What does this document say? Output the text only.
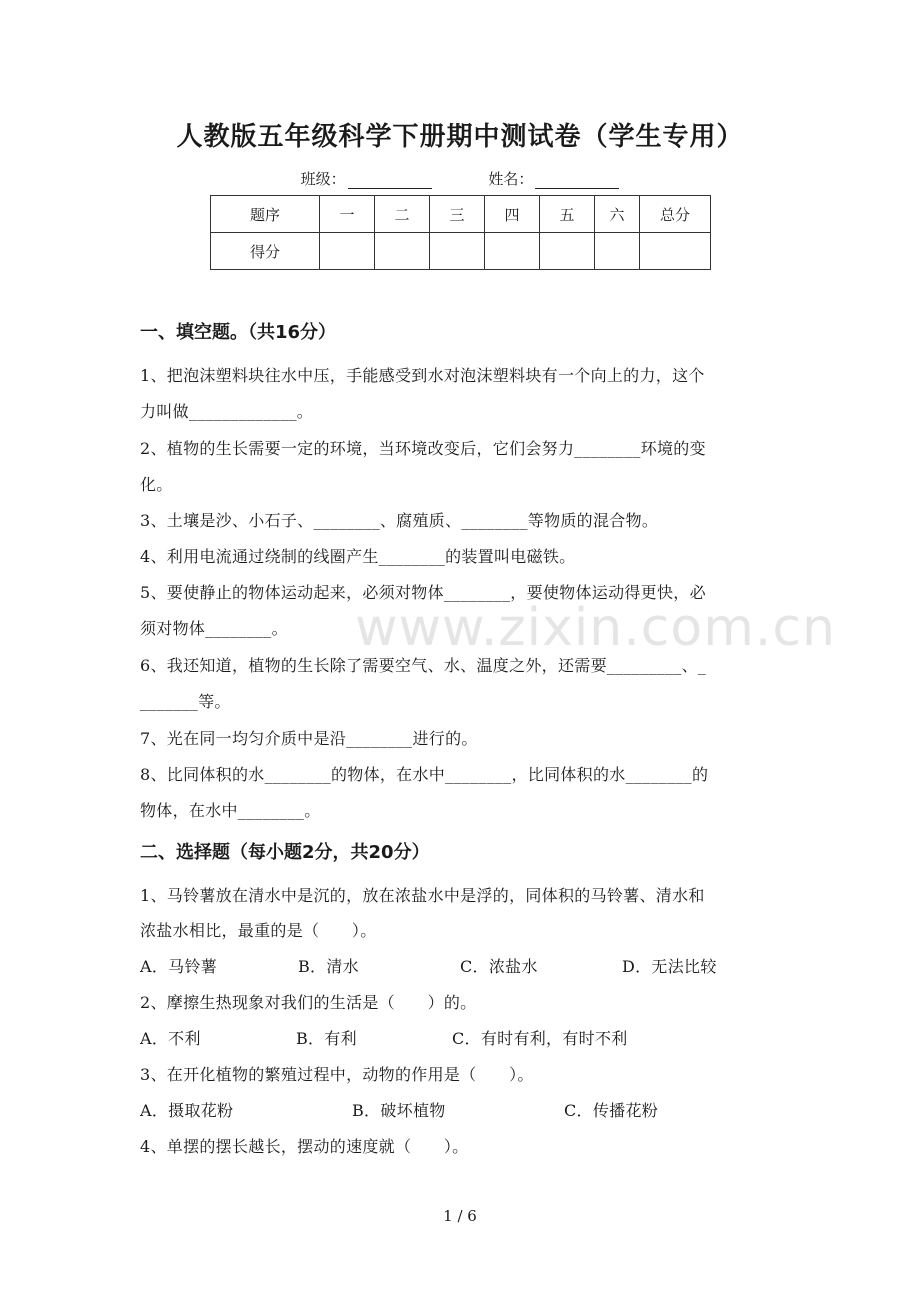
www.zixin.com.cn
人教版五年级科学下册期中测试卷（学生专用）
班级：	姓名：
题序	一	二	三	四	五	六	总分
得分							
一、填空题。（共16分）
1、把泡沫塑料块往水中压，手能感受到水对泡沫塑料块有一个向上的力，这个
力叫做_____________。
2、植物的生长需要一定的环境，当环境改变后，它们会努力________环境的变
化。
3、土壤是沙、小石子、________、腐殖质、________等物质的混合物。
4、利用电流通过绕制的线圈产生________的装置叫电磁铁。
5、要使静止的物体运动起来，必须对物体________，要使物体运动得更快，必
须对物体________。
6、我还知道，植物的生长除了需要空气、水、温度之外，还需要_________、_
_______等。
7、光在同一均匀介质中是沿________进行的。
8、比同体积的水________的物体，在水中________，比同体积的水________的
物体，在水中________。
二、选择题（每小题2分，共20分）
1、马铃薯放在清水中是沉的，放在浓盐水中是浮的，同体积的马铃薯、清水和
浓盐水相比，最重的是（　　）。
A．马铃薯	B．清水	C．浓盐水	D．无法比较
2、摩擦生热现象对我们的生活是（　　）的。
A．不利	B．有利	C．有时有利，有时不利
3、在开化植物的繁殖过程中，动物的作用是（　　）。
A．摄取花粉	B．破坏植物	C．传播花粉
4、单摆的摆长越长，摆动的速度就（　　）。
1 / 6
